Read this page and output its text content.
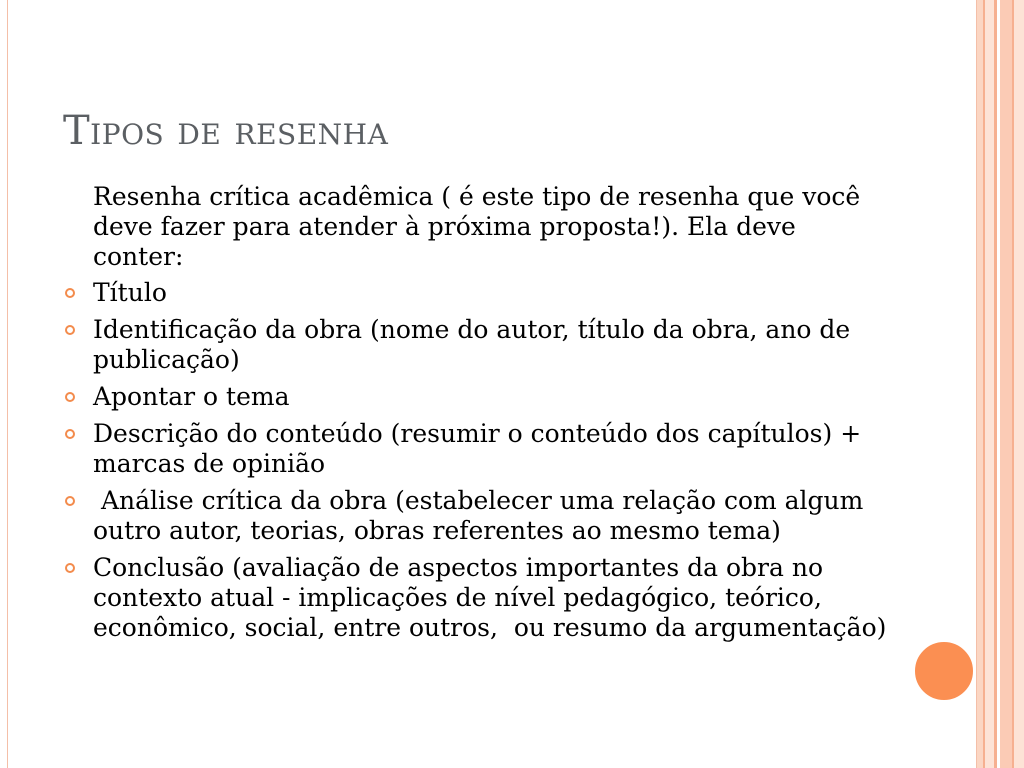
Tipos de resenha
Resenha crítica acadêmica ( é este tipo de resenha que você deve fazer para atender à próxima proposta!). Ela deve conter:
Título
Identificação da obra (nome do autor, título da obra, ano de publicação)
Apontar o tema
Descrição do conteúdo (resumir o conteúdo dos capítulos) + marcas de opinião
Análise crítica da obra (estabelecer uma relação com algum outro autor, teorias, obras referentes ao mesmo tema)
Conclusão (avaliação de aspectos importantes da obra no contexto atual - implicações de nível pedagógico, teórico, econômico, social, entre outros,  ou resumo da argumentação)
